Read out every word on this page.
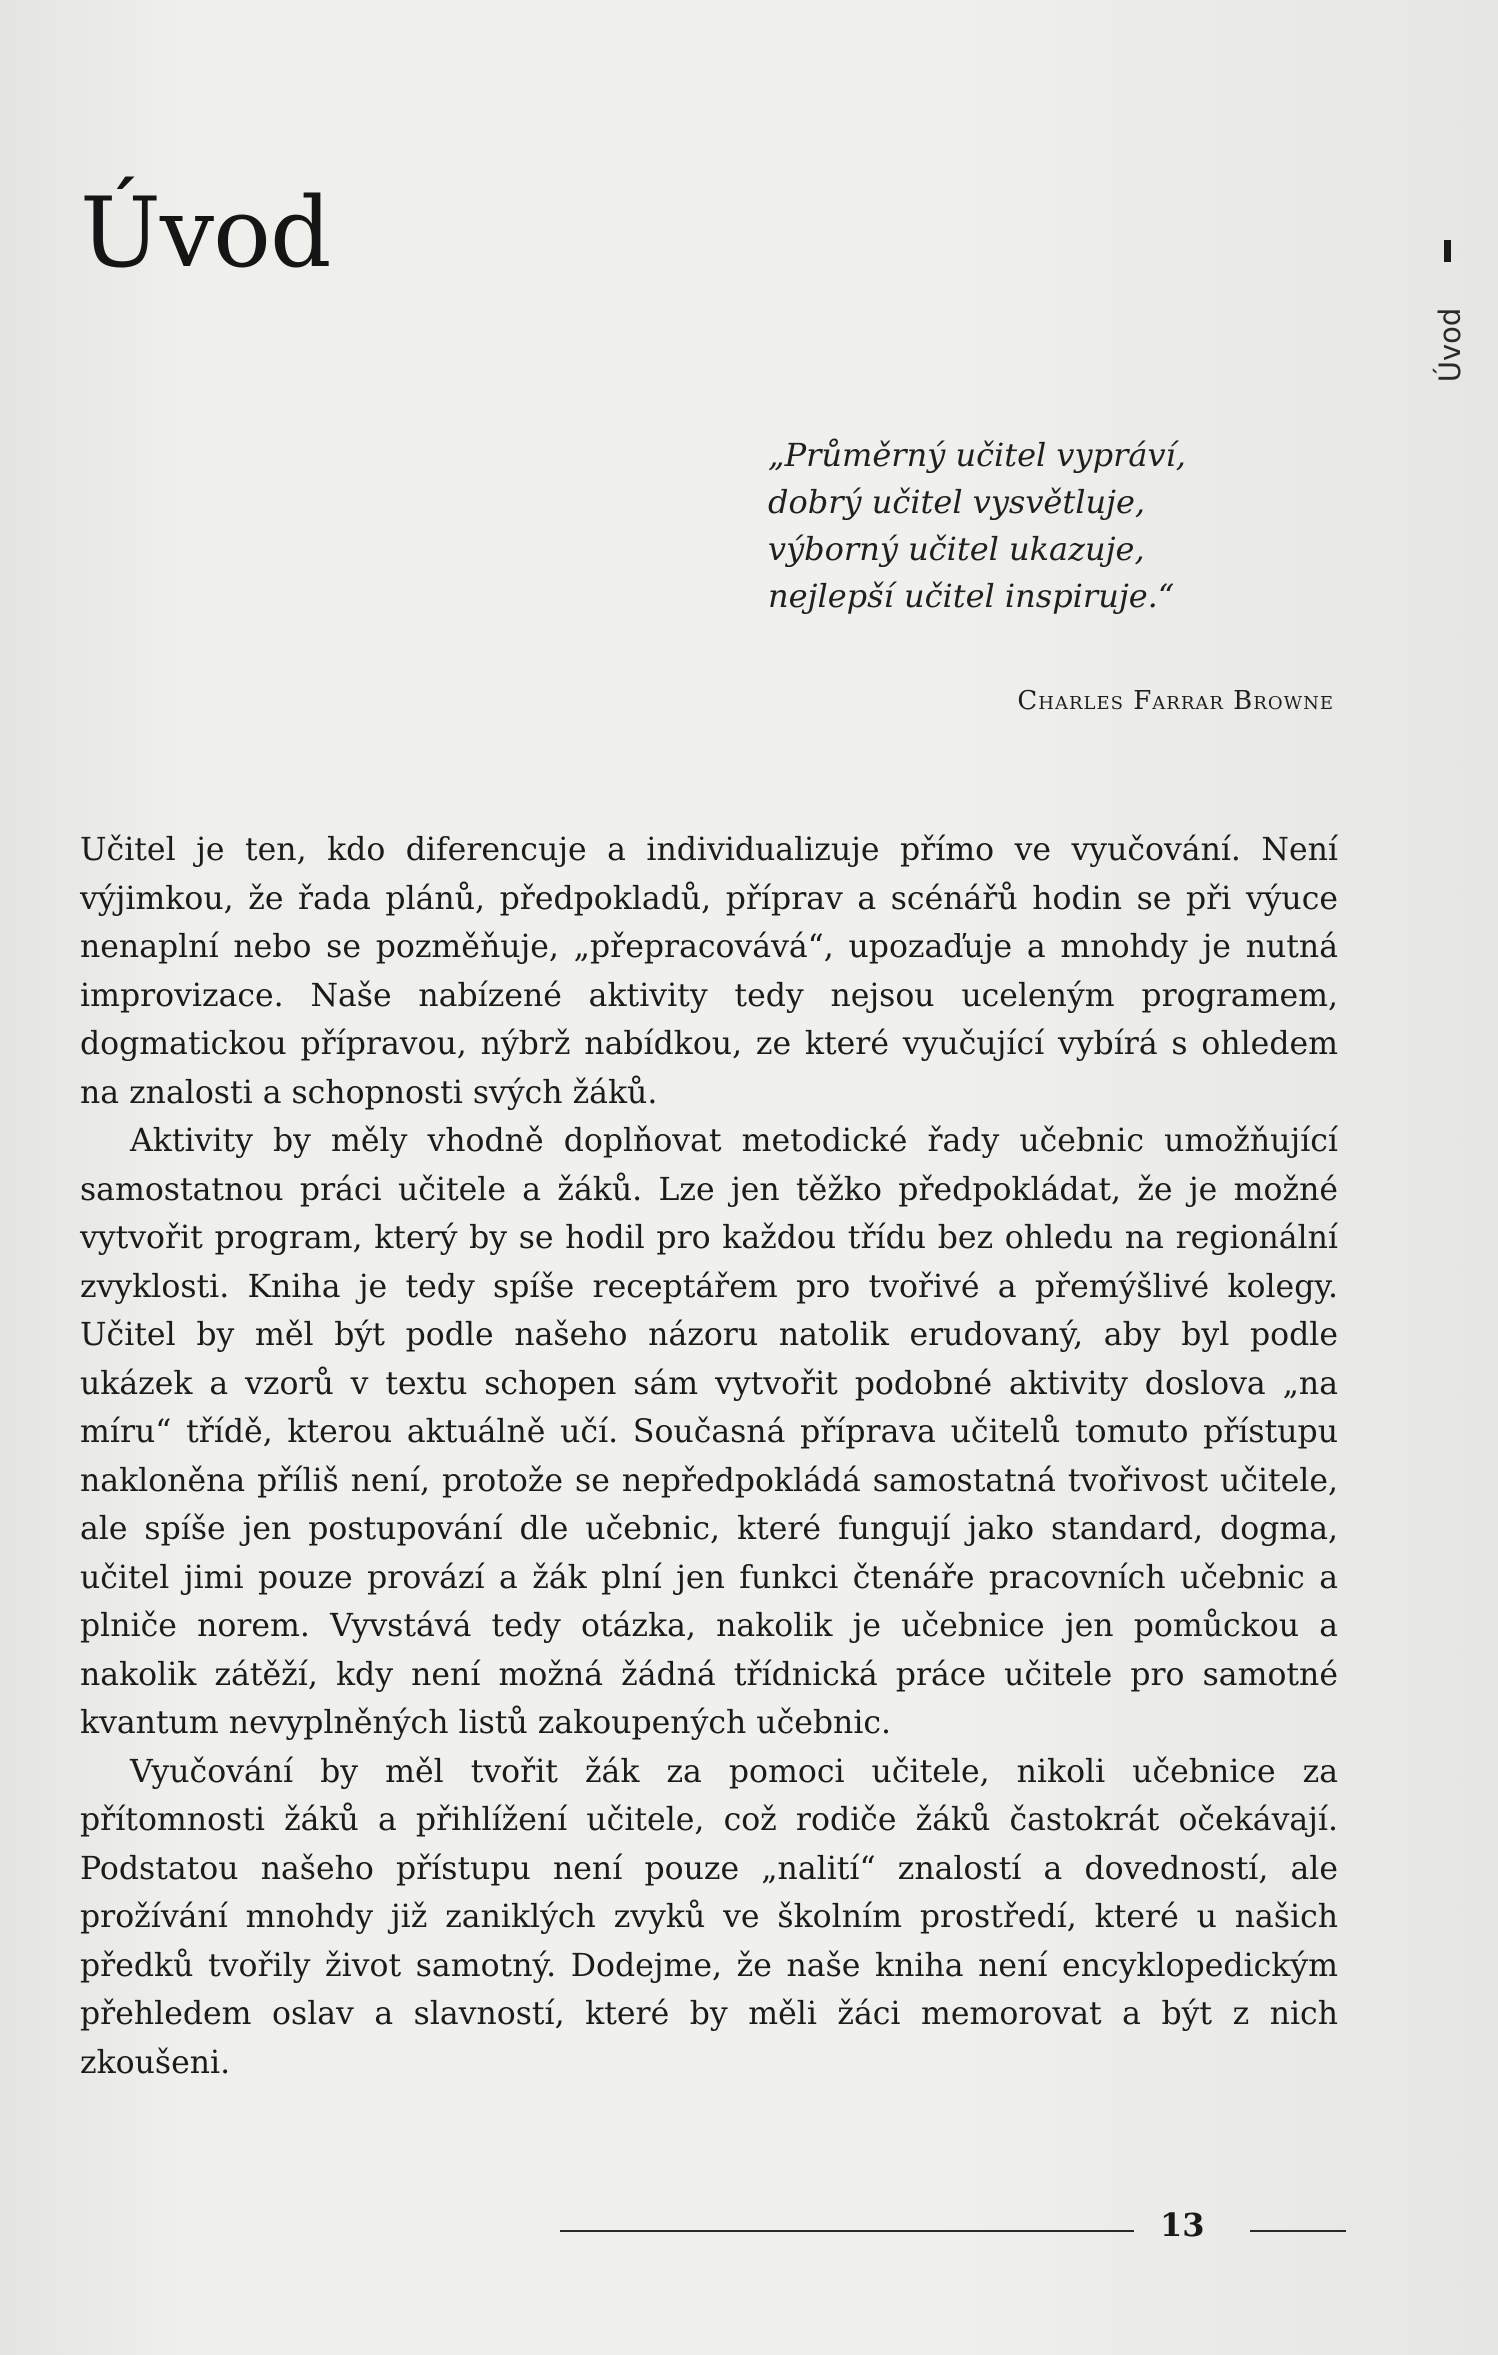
Úvod
Úvod
„Průměrný učitel vypráví,
dobrý učitel vysvětluje,
výborný učitel ukazuje,
nejlepší učitel inspiruje.“
Charles Farrar Browne

Učitel je ten, kdo diferencuje a individualizuje přímo ve vyučování. Není výjimkou, že řada plánů, předpokladů, příprav a scénářů hodin se při výuce nenaplní nebo se pozměňuje, „přepracovává“, upozaďuje a mnohdy je nutná improvizace. Naše nabízené aktivity tedy nejsou uceleným programem, dogmatickou přípravou, nýbrž nabídkou, ze které vyučující vybírá s ohledem na znalosti a schopnosti svých žáků.

Aktivity by měly vhodně doplňovat metodické řady učebnic umožňující samostatnou práci učitele a žáků. Lze jen těžko předpokládat, že je možné vytvořit program, který by se hodil pro každou třídu bez ohledu na regionální zvyklosti. Kniha je tedy spíše receptářem pro tvořivé a přemýšlivé kolegy. Učitel by měl být podle našeho názoru natolik erudovaný, aby byl podle ukázek a vzorů v textu schopen sám vytvořit podobné aktivity doslova „na míru“ třídě, kterou aktuálně učí. Současná příprava učitelů tomuto přístupu nakloněna příliš není, protože se nepředpokládá samostatná tvořivost učitele, ale spíše jen postupování dle učebnic, které fungují jako standard, dogma, učitel jimi pouze provází a žák plní jen funkci čtenáře pracovních učebnic a plniče norem. Vyvstává tedy otázka, nakolik je učebnice jen pomůckou a nakolik zátěží, kdy není možná žádná třídnická práce učitele pro samotné kvantum nevyplněných listů zakoupených učebnic.

Vyučování by měl tvořit žák za pomoci učitele, nikoli učebnice za přítomnosti žáků a přihlížení učitele, což rodiče žáků častokrát očekávají. Podstatou našeho přístupu není pouze „nalití“ znalostí a dovedností, ale prožívání mnohdy již zaniklých zvyků ve školním prostředí, které u našich předků tvořily život samotný. Dodejme, že naše kniha není encyklopedickým přehledem oslav a slavností, které by měli žáci memorovat a být z nich zkoušeni.

13
